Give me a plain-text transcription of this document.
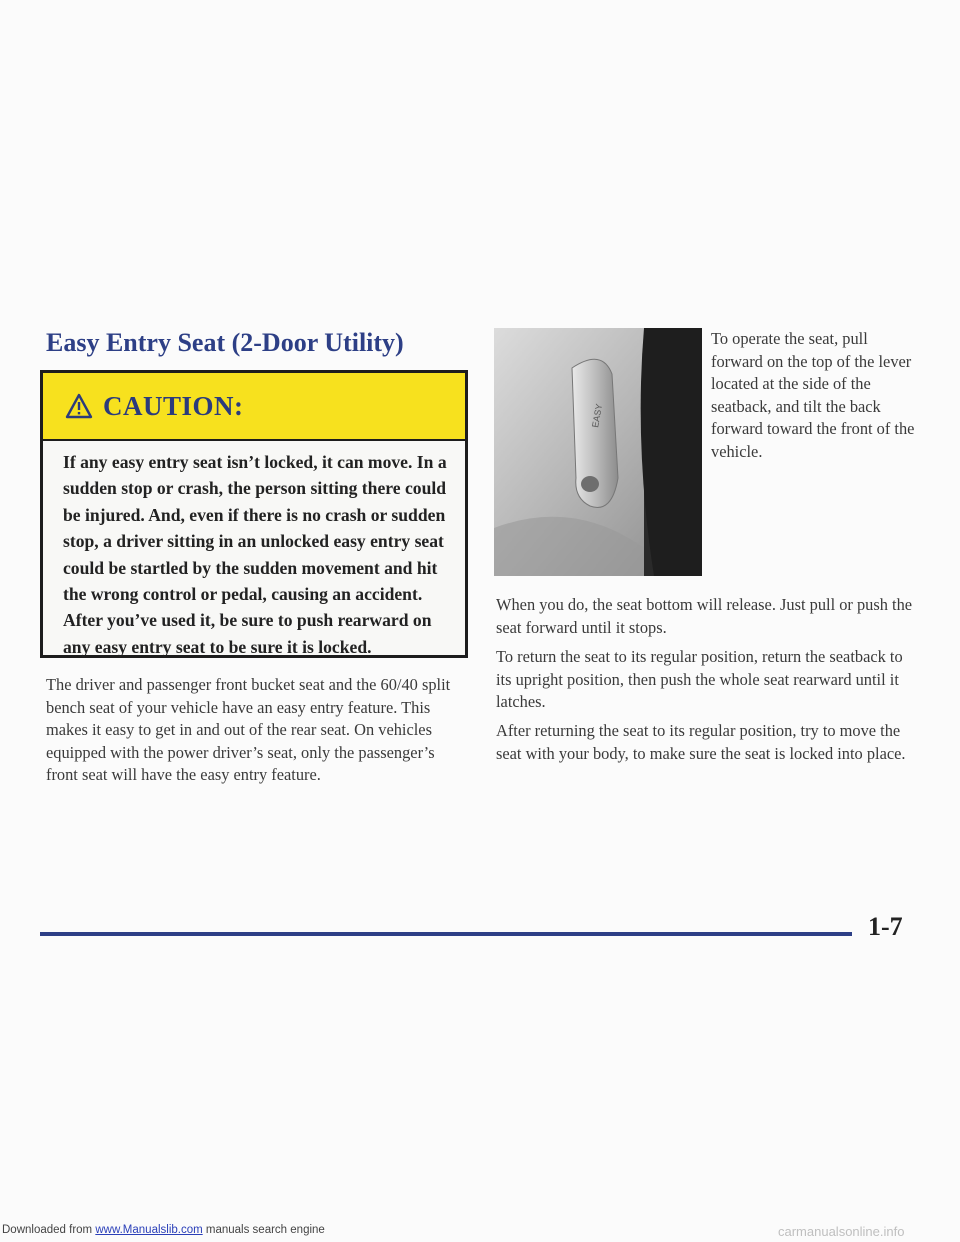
Easy Entry Seat (2-Door Utility)
CAUTION:

If any easy entry seat isn’t locked, it can move. In a sudden stop or crash, the person sitting there could be injured. And, even if there is no crash or sudden stop, a driver sitting in an unlocked easy entry seat could be startled by the sudden movement and hit the wrong control or pedal, causing an accident. After you’ve used it, be sure to push rearward on any easy entry seat to be sure it is locked.

The driver and passenger front bucket seat and the 60/40 split bench seat of your vehicle have an easy entry feature. This makes it easy to get in and out of the rear seat. On vehicles equipped with the power driver’s seat, only the passenger’s front seat will have the easy entry feature.

EASY

To operate the seat, pull forward on the top of the lever located at the side of the seatback, and tilt the back forward toward the front of the vehicle.

When you do, the seat bottom will release. Just pull or push the seat forward until it stops.

To return the seat to its regular position, return the seatback to its upright position, then push the whole seat rearward until it latches.

After returning the seat to its regular position, try to move the seat with your body, to make sure the seat is locked into place.

1-7

Downloaded from www.Manualslib.com manuals search engine	carmanualsonline.info
